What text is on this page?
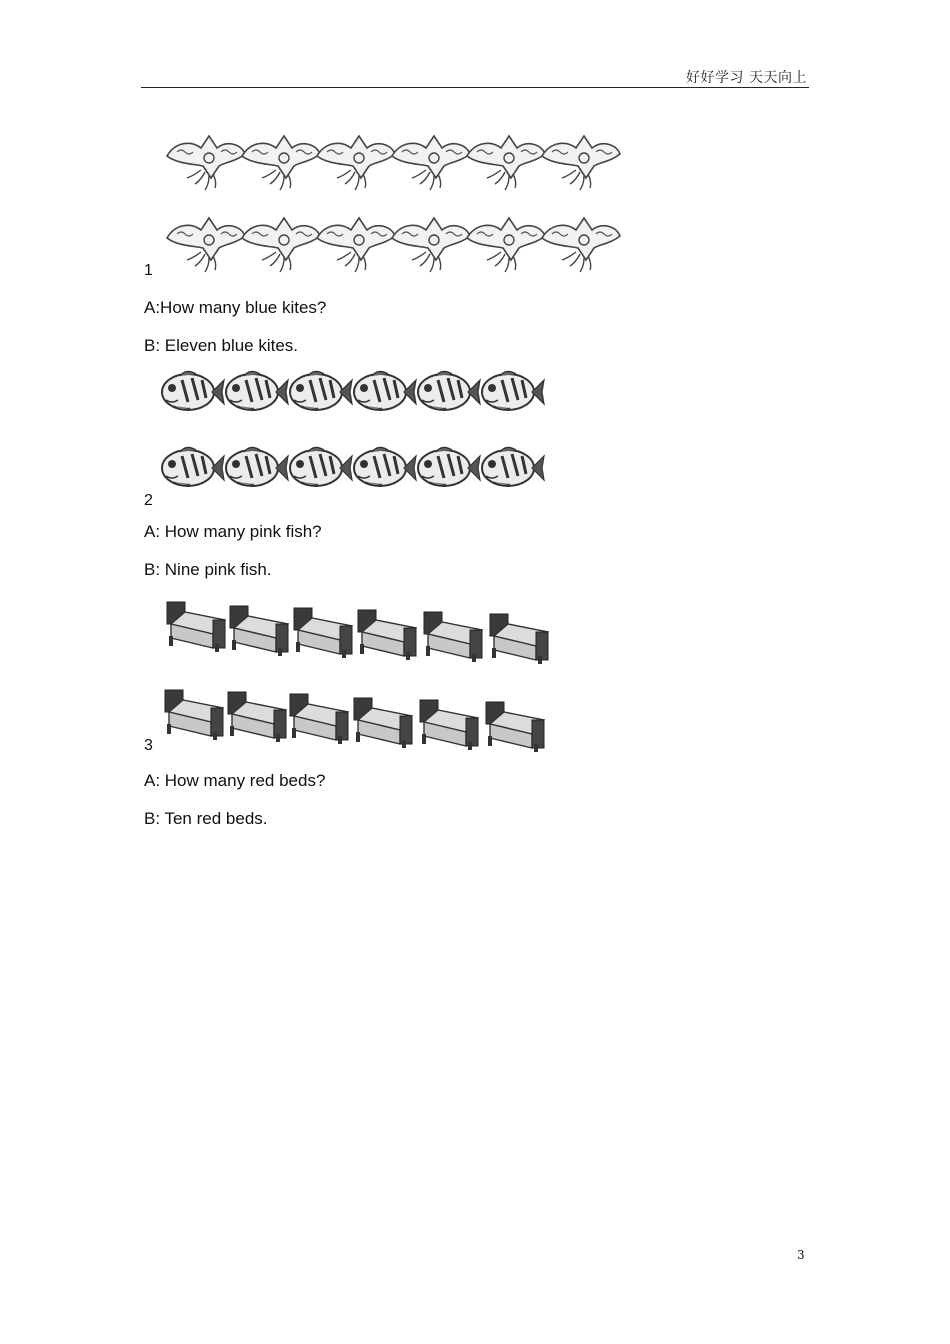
好好学习 天天向上
1
A:How many blue kites?
B: Eleven blue kites.
2
A: How many pink fish?
B: Nine pink fish.
3
A: How many red beds?
B: Ten red beds.
3
